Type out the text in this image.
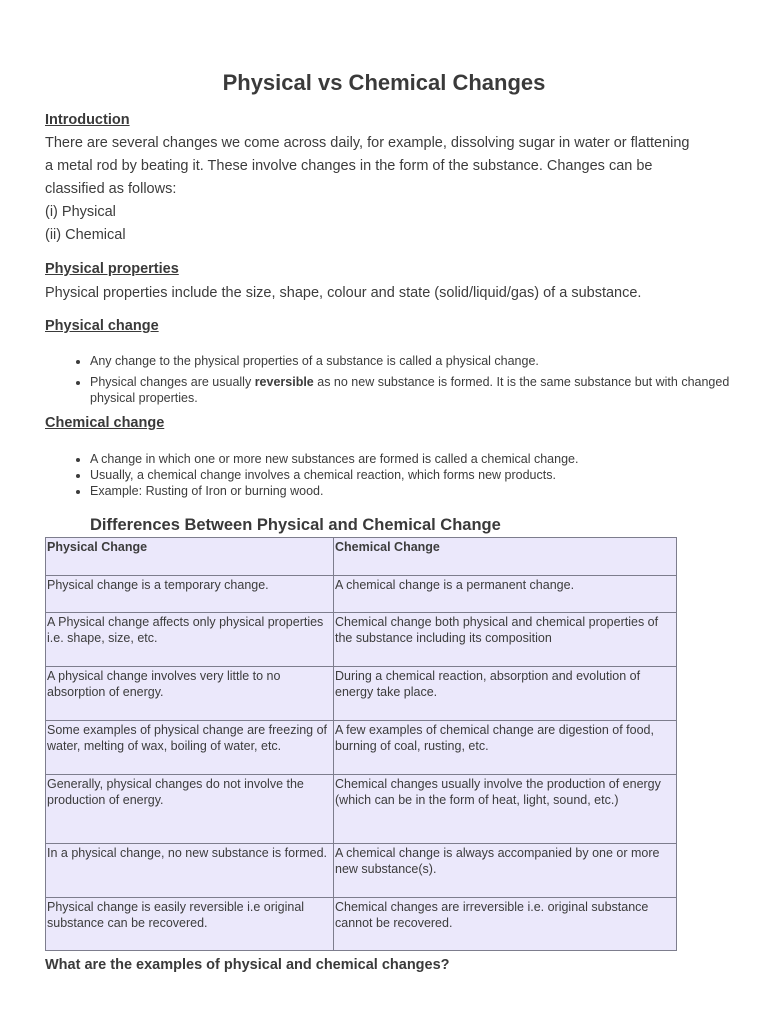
Physical vs Chemical Changes
Introduction

There are several changes we come across daily, for example, dissolving sugar in water or flattening
a metal rod by beating it. These involve changes in the form of the substance. Changes can be
classified as follows:
(i) Physical
(ii) Chemical

Physical properties

Physical properties include the size, shape, colour and state (solid/liquid/gas) of a substance.

Physical change
• Any change to the physical properties of a substance is called a physical change.
• Physical changes are usually reversible as no new substance is formed. It is the same substance but with changed physical properties.
Chemical change
• A change in which one or more new substances are formed is called a chemical change.
• Usually, a chemical change involves a chemical reaction, which forms new products.
• Example: Rusting of Iron or burning wood.
Differences Between Physical and Chemical Change
Physical Change	Chemical Change
Physical change is a temporary change.	A chemical change is a permanent change.
A Physical change affects only physical properties i.e. shape, size, etc.	Chemical change both physical and chemical properties of the substance including its composition
A physical change involves very little to no absorption of energy.	During a chemical reaction, absorption and evolution of energy take place.
Some examples of physical change are freezing of water, melting of wax, boiling of water, etc.	A few examples of chemical change are digestion of food, burning of coal, rusting, etc.
Generally, physical changes do not involve the production of energy.	Chemical changes usually involve the production of energy (which can be in the form of heat, light, sound, etc.)
In a physical change, no new substance is formed.	A chemical change is always accompanied by one or more new substance(s).
Physical change is easily reversible i.e original substance can be recovered.	Chemical changes are irreversible i.e. original substance cannot be recovered.
What are the examples of physical and chemical changes?
